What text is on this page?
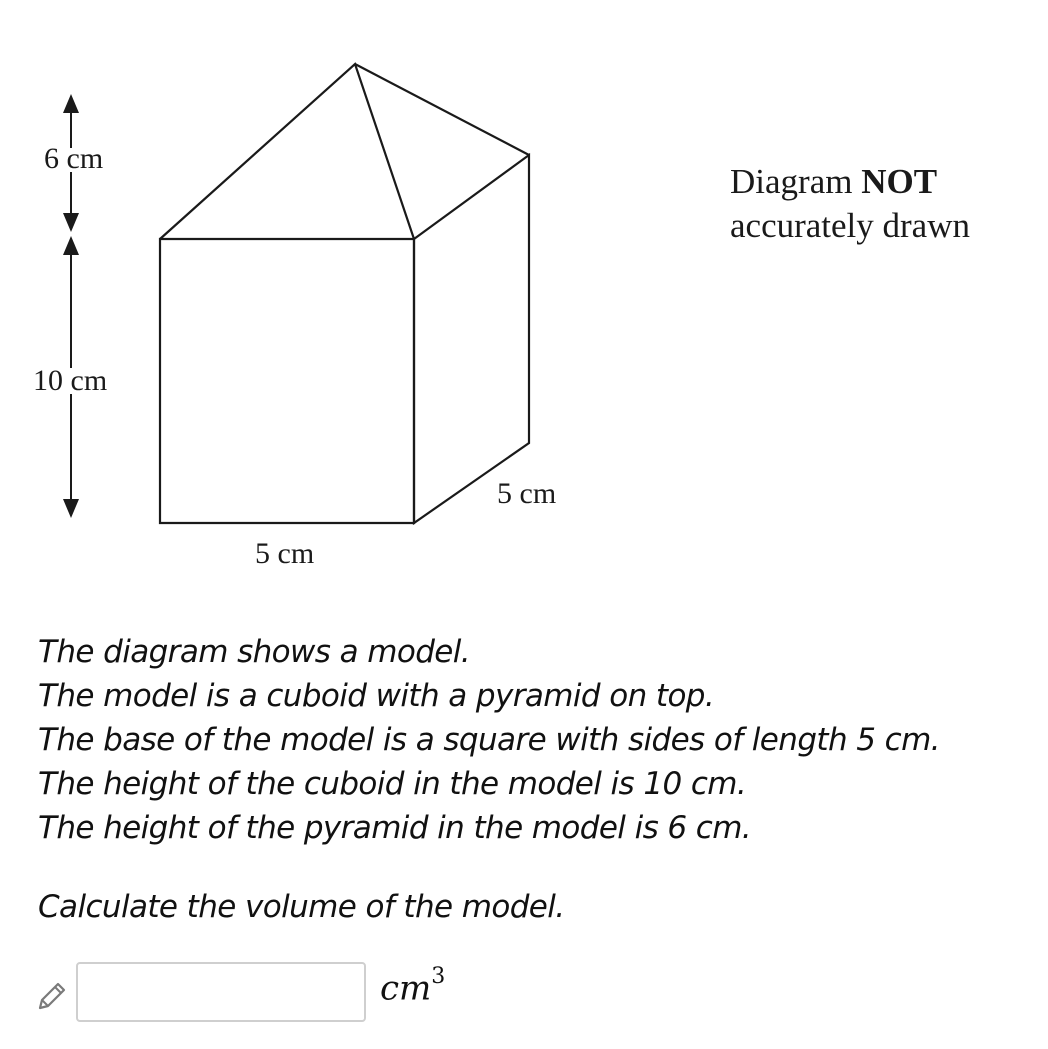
6 cm
10 cm
5 cm
5 cm
Diagram NOT
accurately drawn
The diagram shows a model.
The model is a cuboid with a pyramid on top.
The base of the model is a square with sides of length 5 cm.
The height of the cuboid in the model is 10 cm.
The height of the pyramid in the model is 6 cm.
Calculate the volume of the model.
$cm^3$
